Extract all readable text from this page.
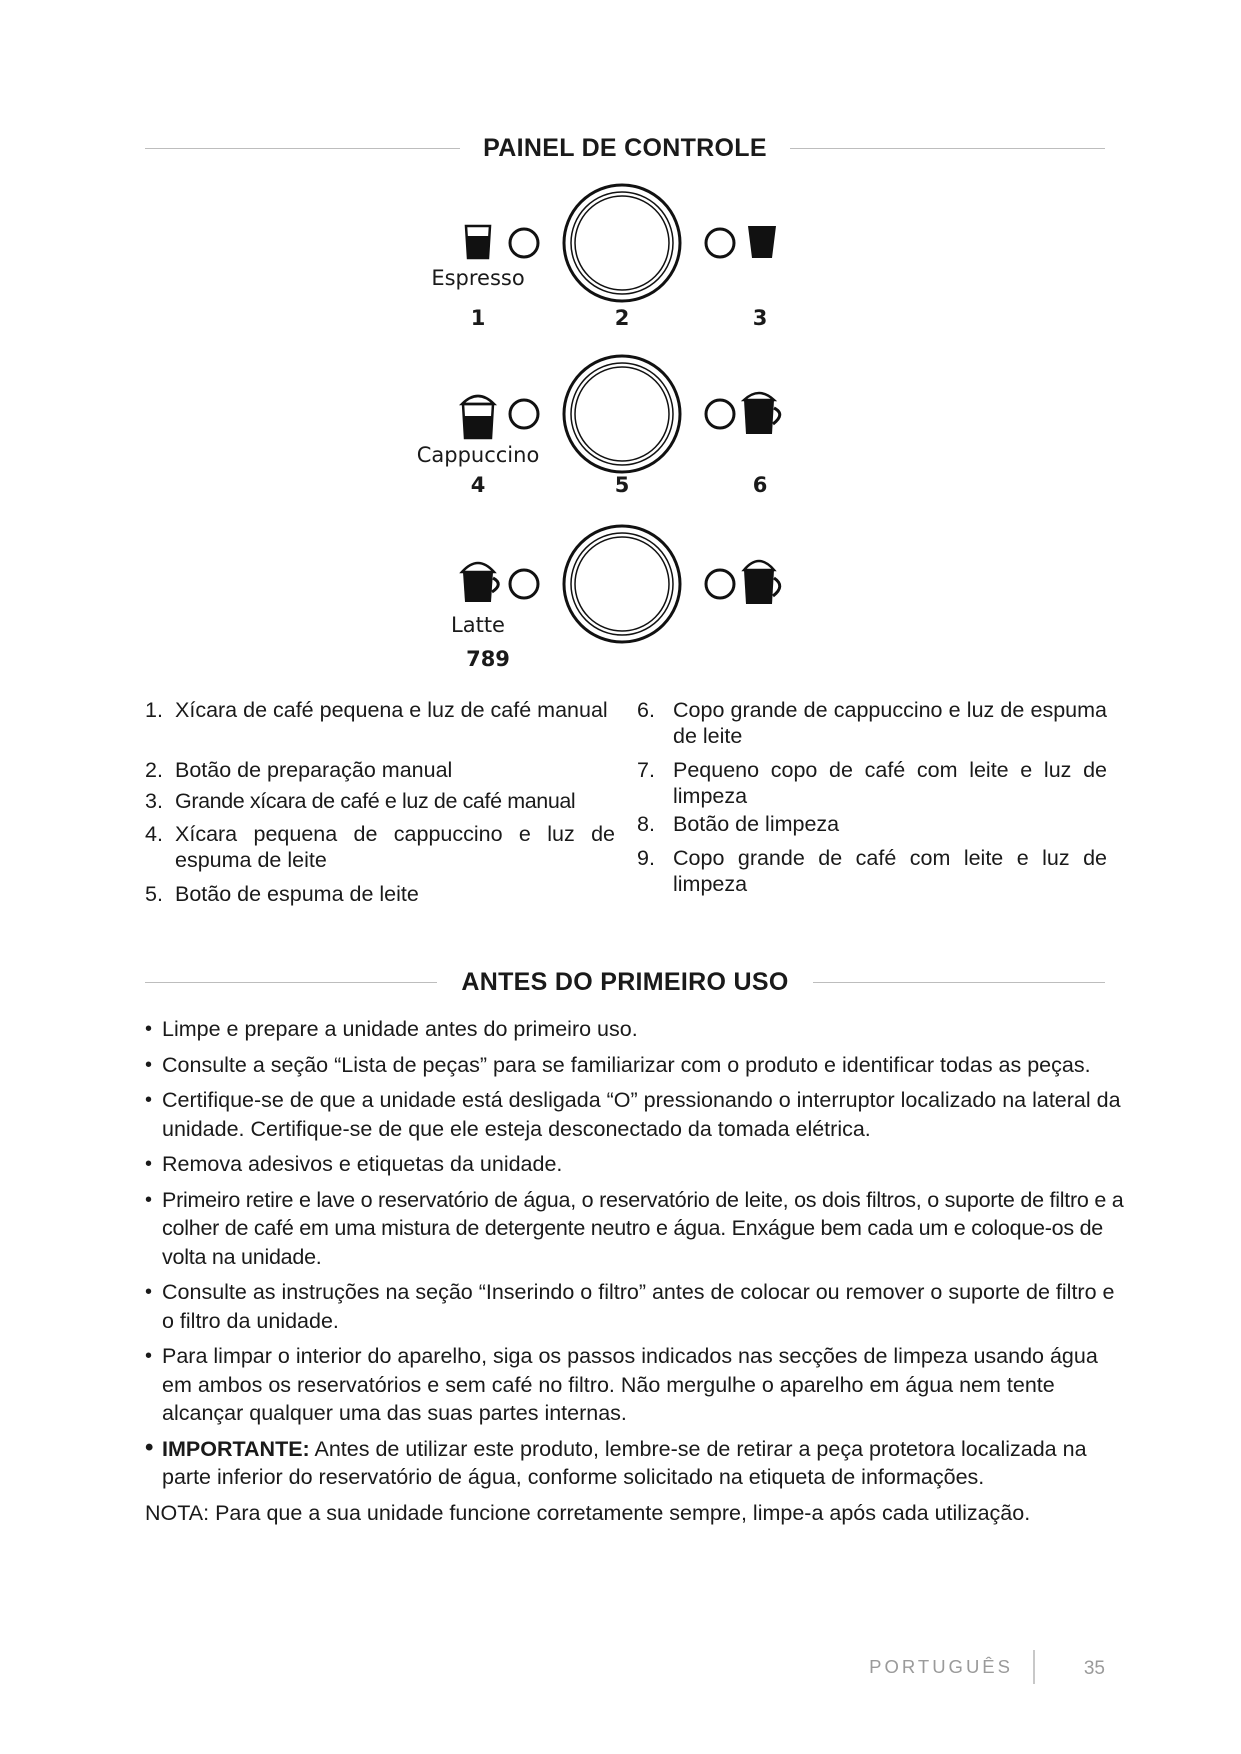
PAINEL DE CONTROLE
Espresso
1	2	3
Cappuccino
4	5	6
Latte
789
1. Xícara de café pequena e luz de café manual
2. Botão de preparação manual
3. Grande xícara de café e luz de café manual
4. Xícara pequena de cappuccino e luz de espuma de leite
5. Botão de espuma de leite
6. Copo grande de cappuccino e luz de espuma de leite
7. Pequeno copo de café com leite e luz de limpeza
8. Botão de limpeza
9. Copo grande de café com leite e luz de limpeza
ANTES DO PRIMEIRO USO
• Limpe e prepare a unidade antes do primeiro uso.
• Consulte a seção “Lista de peças” para se familiarizar com o produto e identificar todas as peças.
• Certifique-se de que a unidade está desligada “O” pressionando o interruptor localizado na lateral da unidade. Certifique-se de que ele esteja desconectado da tomada elétrica.
• Remova adesivos e etiquetas da unidade.
• Primeiro retire e lave o reservatório de água, o reservatório de leite, os dois filtros, o suporte de filtro e a colher de café em uma mistura de detergente neutro e água. Enxágue bem cada um e coloque-os de volta na unidade.
• Consulte as instruções na seção “Inserindo o filtro” antes de colocar ou remover o suporte de filtro e o filtro da unidade.
• Para limpar o interior do aparelho, siga os passos indicados nas secções de limpeza usando água em ambos os reservatórios e sem café no filtro. Não mergulhe o aparelho em água nem tente alcançar qualquer uma das suas partes internas.
• IMPORTANTE: Antes de utilizar este produto, lembre-se de retirar a peça protetora localizada na parte inferior do reservatório de água, conforme solicitado na etiqueta de informações.
NOTA: Para que a sua unidade funcione corretamente sempre, limpe-a após cada utilização.
PORTUGUÊS	35
